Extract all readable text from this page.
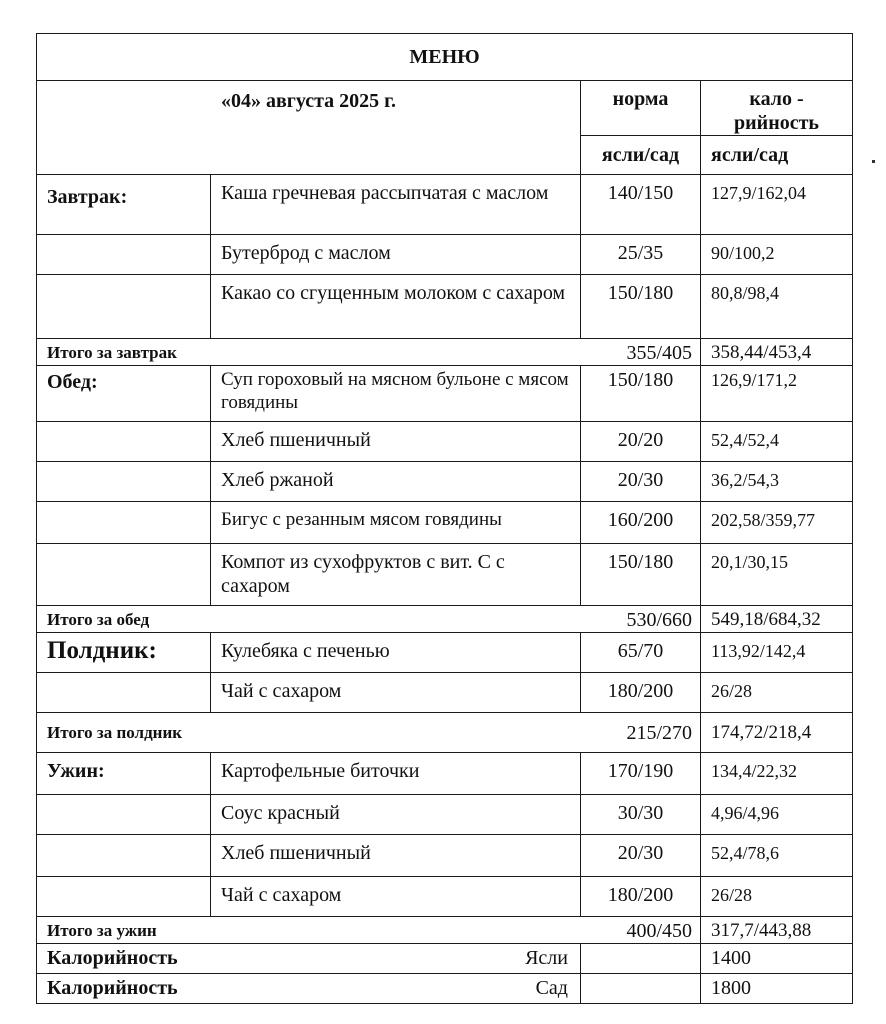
МЕНЮ			
«04» августа 2025 г.		норма	кало -
рийность
		ясли/сад	ясли/сад
Завтрак:	Каша гречневая рассыпчатая с маслом	140/150	127,9/162,04
	Бутерброд с маслом	25/35	90/100,2
	Какао со сгущенным молоком с сахаром	150/180	80,8/98,4
Итого за завтрак		355/405	358,44/453,4
Обед:	Суп гороховый на мясном бульоне с мясом говядины	150/180	126,9/171,2
	Хлеб пшеничный	20/20	52,4/52,4
	Хлеб ржаной	20/30	36,2/54,3
	Бигус с резанным мясом говядины	160/200	202,58/359,77
	Компот из сухофруктов с вит. С с сахаром	150/180	20,1/30,15
Итого за обед		530/660	549,18/684,32
Полдник:	Кулебяка с печенью	65/70	113,92/142,4
	Чай с сахаром	180/200	26/28
Итого за полдник		215/270	174,72/218,4
Ужин:	Картофельные биточки	170/190	134,4/22,32
	Соус красный	30/30	4,96/4,96
	Хлеб пшеничный	20/30	52,4/78,6
	Чай с сахаром	180/200	26/28
Итого за ужин		400/450	317,7/443,88
Калорийность	Ясли		1400
Калорийность	Сад		1800
